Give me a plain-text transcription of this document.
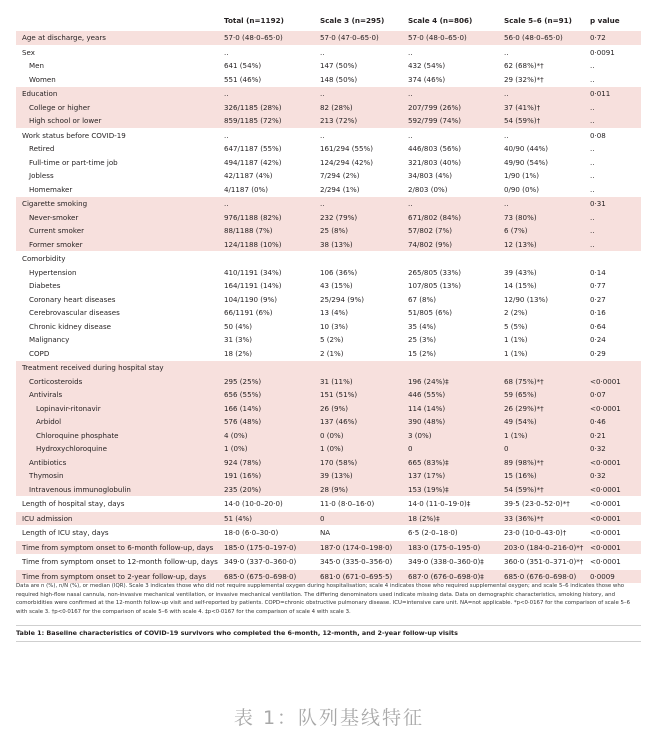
	Total (n=1192)	Scale 3 (n=295)	Scale 4 (n=806)	Scale 5–6 (n=91)	p value
Age at discharge, years	57·0 (48·0–65·0)	57·0 (47·0–65·0)	57·0 (48·0–65·0)	56·0 (48·0–65·0)	0·72
Sex	..	..	..	..	0·0091
Men	641 (54%)	147 (50%)	432 (54%)	62 (68%)*†	..
Women	551 (46%)	148 (50%)	374 (46%)	29 (32%)*†	..
Education	..	..	..	..	0·011
College or higher	326/1185 (28%)	82 (28%)	207/799 (26%)	37 (41%)†	..
High school or lower	859/1185 (72%)	213 (72%)	592/799 (74%)	54 (59%)†	..
Work status before COVID-19	..	..	..	..	0·08
Retired	647/1187 (55%)	161/294 (55%)	446/803 (56%)	40/90 (44%)	..
Full-time or part-time job	494/1187 (42%)	124/294 (42%)	321/803 (40%)	49/90 (54%)	..
Jobless	42/1187 (4%)	7/294 (2%)	34/803 (4%)	1/90 (1%)	..
Homemaker	4/1187 (0%)	2/294 (1%)	2/803 (0%)	0/90 (0%)	..
Cigarette smoking	..	..	..	..	0·31
Never-smoker	976/1188 (82%)	232 (79%)	671/802 (84%)	73 (80%)	..
Current smoker	88/1188 (7%)	25 (8%)	57/802 (7%)	6 (7%)	..
Former smoker	124/1188 (10%)	38 (13%)	74/802 (9%)	12 (13%)	..
Comorbidity					
Hypertension	410/1191 (34%)	106 (36%)	265/805 (33%)	39 (43%)	0·14
Diabetes	164/1191 (14%)	43 (15%)	107/805 (13%)	14 (15%)	0·77
Coronary heart diseases	104/1190 (9%)	25/294 (9%)	67 (8%)	12/90 (13%)	0·27
Cerebrovascular diseases	66/1191 (6%)	13 (4%)	51/805 (6%)	2 (2%)	0·16
Chronic kidney disease	50 (4%)	10 (3%)	35 (4%)	5 (5%)	0·64
Malignancy	31 (3%)	5 (2%)	25 (3%)	1 (1%)	0·24
COPD	18 (2%)	2 (1%)	15 (2%)	1 (1%)	0·29
Treatment received during hospital stay					
Corticosteroids	295 (25%)	31 (11%)	196 (24%)‡	68 (75%)*†	<0·0001
Antivirals	656 (55%)	151 (51%)	446 (55%)	59 (65%)	0·07
Lopinavir-ritonavir	166 (14%)	26 (9%)	114 (14%)	26 (29%)*†	<0·0001
Arbidol	576 (48%)	137 (46%)	390 (48%)	49 (54%)	0·46
Chloroquine phosphate	4 (0%)	0 (0%)	3 (0%)	1 (1%)	0·21
Hydroxychloroquine	1 (0%)	1 (0%)	0	0	0·32
Antibiotics	924 (78%)	170 (58%)	665 (83%)‡	89 (98%)*†	<0·0001
Thymosin	191 (16%)	39 (13%)	137 (17%)	15 (16%)	0·32
Intravenous immunoglobulin	235 (20%)	28 (9%)	153 (19%)‡	54 (59%)*†	<0·0001
Length of hospital stay, days	14·0 (10·0–20·0)	11·0 (8·0–16·0)	14·0 (11·0–19·0)‡	39·5 (23·0–52·0)*†	<0·0001
ICU admission	51 (4%)	0	18 (2%)‡	33 (36%)*†	<0·0001
Length of ICU stay, days	18·0 (6·0–30·0)	NA	6·5 (2·0–18·0)	23·0 (10·0–43·0)†	<0·0001
Time from symptom onset to 6-month follow-up, days	185·0 (175·0–197·0)	187·0 (174·0–198·0)	183·0 (175·0–195·0)	203·0 (184·0–216·0)*†	<0·0001
Time from symptom onset to 12-month follow-up, days	349·0 (337·0–360·0)	345·0 (335·0–356·0)	349·0 (338·0–360·0)‡	360·0 (351·0–371·0)*†	<0·0001
Time from symptom onset to 2-year follow-up, days	685·0 (675·0–698·0)	681·0 (671·0–695·5)	687·0 (676·0–698·0)‡	685·0 (676·0–698·0)	0·0009
Data are n (%), n/N (%), or median (IQR). Scale 3 indicates those who did not require supplemental oxygen during hospitalisation; scale 4 indicates those who required supplemental oxygen; and scale 5–6 indicates those who required high-flow nasal cannula, non-invasive mechanical ventilation, or invasive mechanical ventilation. The differing denominators used indicate missing data. Data on demographic characteristics, smoking history, and comorbidities were confirmed at the 12-month follow-up visit and self-reported by patients. COPD=chronic obstructive pulmonary disease. ICU=intensive care unit. NA=not applicable. *p<0·0167 for the comparison of scale 5–6 with scale 3. †p<0·0167 for the comparison of scale 5–6 with scale 4. ‡p<0·0167 for the comparison of scale 4 with scale 3.
Table 1: Baseline characteristics of COVID-19 survivors who completed the 6-month, 12-month, and 2-year follow-up visits
表 1：队列基线特征
